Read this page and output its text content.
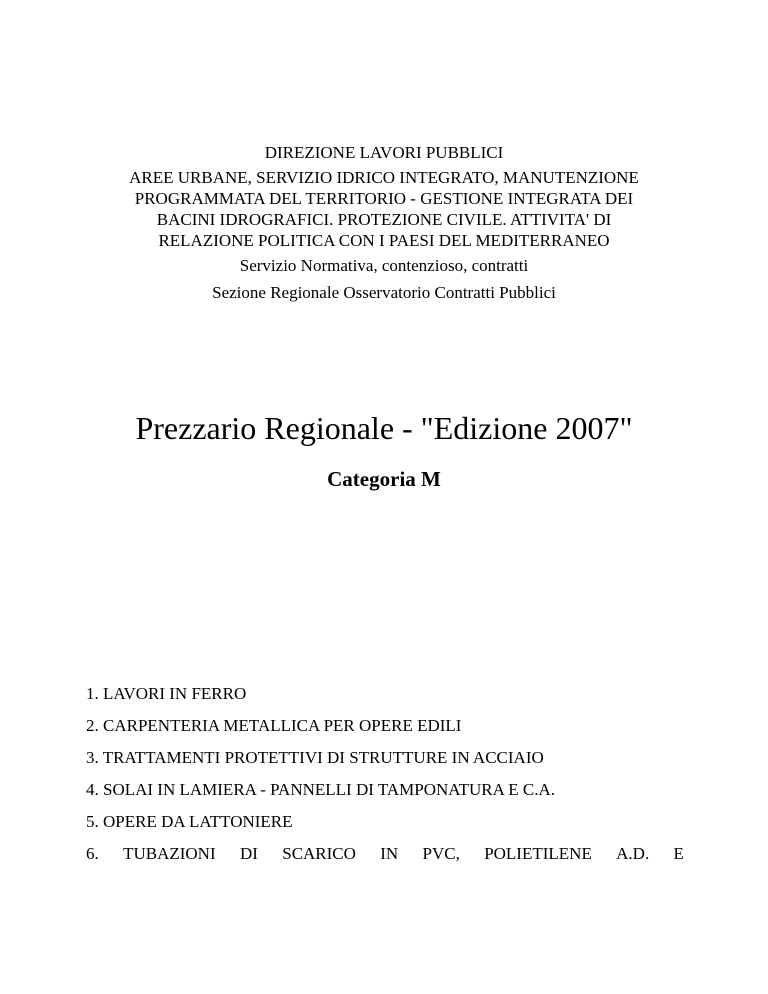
DIREZIONE LAVORI PUBBLICI
AREE URBANE, SERVIZIO IDRICO INTEGRATO, MANUTENZIONE
PROGRAMMATA DEL TERRITORIO - GESTIONE INTEGRATA DEI
BACINI IDROGRAFICI. PROTEZIONE CIVILE. ATTIVITA' DI
RELAZIONE POLITICA CON I PAESI DEL MEDITERRANEO
Servizio Normativa, contenzioso, contratti
Sezione Regionale Osservatorio Contratti Pubblici
Prezzario Regionale - "Edizione 2007"
Categoria M
1. LAVORI IN FERRO
2. CARPENTERIA METALLICA PER OPERE EDILI
3. TRATTAMENTI PROTETTIVI DI STRUTTURE IN ACCIAIO
4. SOLAI IN LAMIERA - PANNELLI DI TAMPONATURA E C.A.
5. OPERE DA LATTONIERE
6. TUBAZIONI DI SCARICO IN PVC, POLIETILENE A.D. E
